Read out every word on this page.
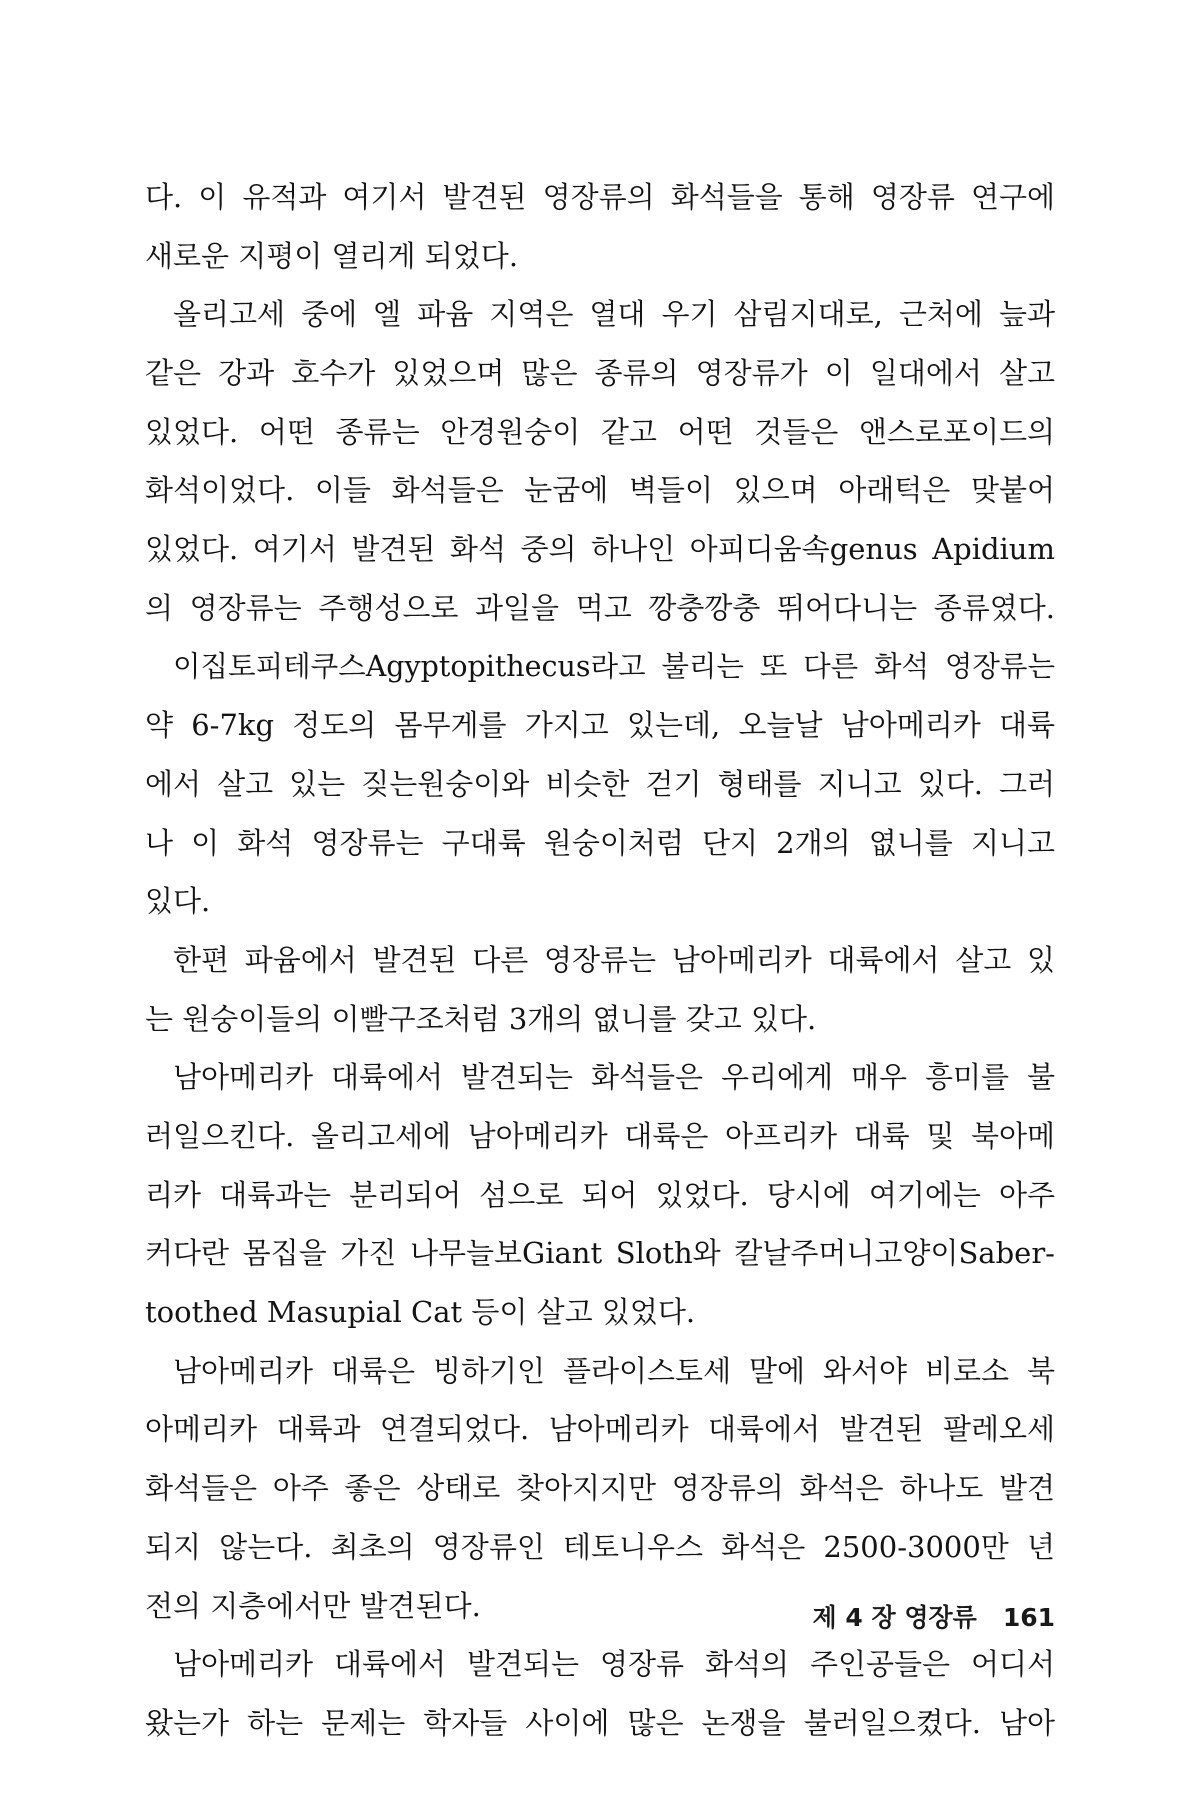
다. 이 유적과 여기서 발견된 영장류의 화석들을 통해 영장류 연구에
새로운 지평이 열리게 되었다.
올리고세 중에 엘 파윰 지역은 열대 우기 삼림지대로, 근처에 늪과
같은 강과 호수가 있었으며 많은 종류의 영장류가 이 일대에서 살고
있었다. 어떤 종류는 안경원숭이 같고 어떤 것들은 앤스로포이드의
화석이었다. 이들 화석들은 눈굼에 벽들이 있으며 아래턱은 맞붙어
있었다. 여기서 발견된 화석 중의 하나인 아피디움속genus Apidium
의 영장류는 주행성으로 과일을 먹고 깡충깡충 뛰어다니는 종류였다.
이집토피테쿠스Agyptopithecus라고 불리는 또 다른 화석 영장류는
약 6-7kg 정도의 몸무게를 가지고 있는데, 오늘날 남아메리카 대륙
에서 살고 있는 짖는원숭이와 비슷한 걷기 형태를 지니고 있다. 그러
나 이 화석 영장류는 구대륙 원숭이처럼 단지 2개의 엾니를 지니고
있다.
한편 파윰에서 발견된 다른 영장류는 남아메리카 대륙에서 살고 있
는 원숭이들의 이빨구조처럼 3개의 엾니를 갖고 있다.
남아메리카 대륙에서 발견되는 화석들은 우리에게 매우 흥미를 불
러일으킨다. 올리고세에 남아메리카 대륙은 아프리카 대륙 및 북아메
리카 대륙과는 분리되어 섬으로 되어 있었다. 당시에 여기에는 아주
커다란 몸집을 가진 나무늘보Giant Sloth와 칼날주머니고양이Saber-
toothed Masupial Cat 등이 살고 있었다.
남아메리카 대륙은 빙하기인 플라이스토세 말에 와서야 비로소 북
아메리카 대륙과 연결되었다. 남아메리카 대륙에서 발견된 팔레오세
화석들은 아주 좋은 상태로 찾아지지만 영장류의 화석은 하나도 발견
되지 않는다. 최초의 영장류인 테토니우스 화석은 2500-3000만 년
전의 지층에서만 발견된다.
남아메리카 대륙에서 발견되는 영장류 화석의 주인공들은 어디서
왔는가 하는 문제는 학자들 사이에 많은 논쟁을 불러일으켰다. 남아
제 4 장 영장류 161
